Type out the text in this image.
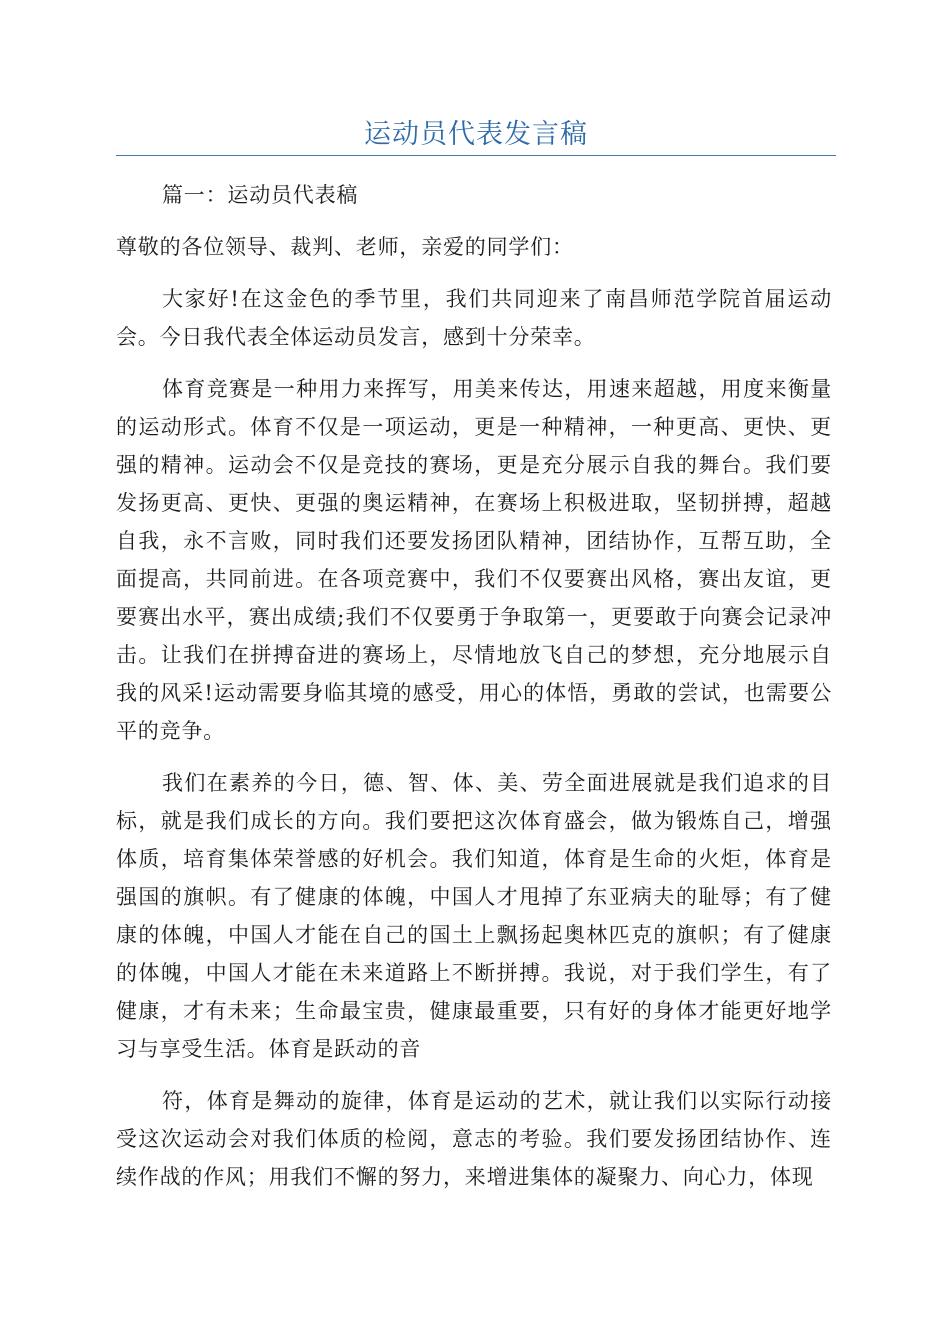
运动员代表发言稿

篇一：运动员代表稿

尊敬的各位领导、裁判、老师，亲爱的同学们：

大家好!在这金色的季节里，我们共同迎来了南昌师范学院首届运动会。今日我代表全体运动员发言，感到十分荣幸。

体育竞赛是一种用力来挥写，用美来传达，用速来超越，用度来衡量的运动形式。体育不仅是一项运动，更是一种精神，一种更高、更快、更强的精神。运动会不仅是竞技的赛场，更是充分展示自我的舞台。我们要发扬更高、更快、更强的奥运精神，在赛场上积极进取，坚韧拼搏，超越自我，永不言败，同时我们还要发扬团队精神，团结协作，互帮互助，全面提高，共同前进。在各项竞赛中，我们不仅要赛出风格，赛出友谊，更要赛出水平，赛出成绩;我们不仅要勇于争取第一，更要敢于向赛会记录冲击。让我们在拼搏奋进的赛场上，尽情地放飞自己的梦想，充分地展示自我的风采!运动需要身临其境的感受，用心的体悟，勇敢的尝试，也需要公平的竞争。

我们在素养的今日，德、智、体、美、劳全面进展就是我们追求的目标，就是我们成长的方向。我们要把这次体育盛会，做为锻炼自己，增强体质，培育集体荣誉感的好机会。我们知道，体育是生命的火炬，体育是强国的旗帜。有了健康的体魄，中国人才甩掉了东亚病夫的耻辱；有了健康的体魄，中国人才能在自己的国土上飘扬起奥林匹克的旗帜；有了健康的体魄，中国人才能在未来道路上不断拼搏。我说，对于我们学生，有了健康，才有未来；生命最宝贵，健康最重要，只有好的身体才能更好地学习与享受生活。体育是跃动的音

符，体育是舞动的旋律，体育是运动的艺术，就让我们以实际行动接受这次运动会对我们体质的检阅，意志的考验。我们要发扬团结协作、连续作战的作风；用我们不懈的努力，来增进集体的凝聚力、向心力，体现
